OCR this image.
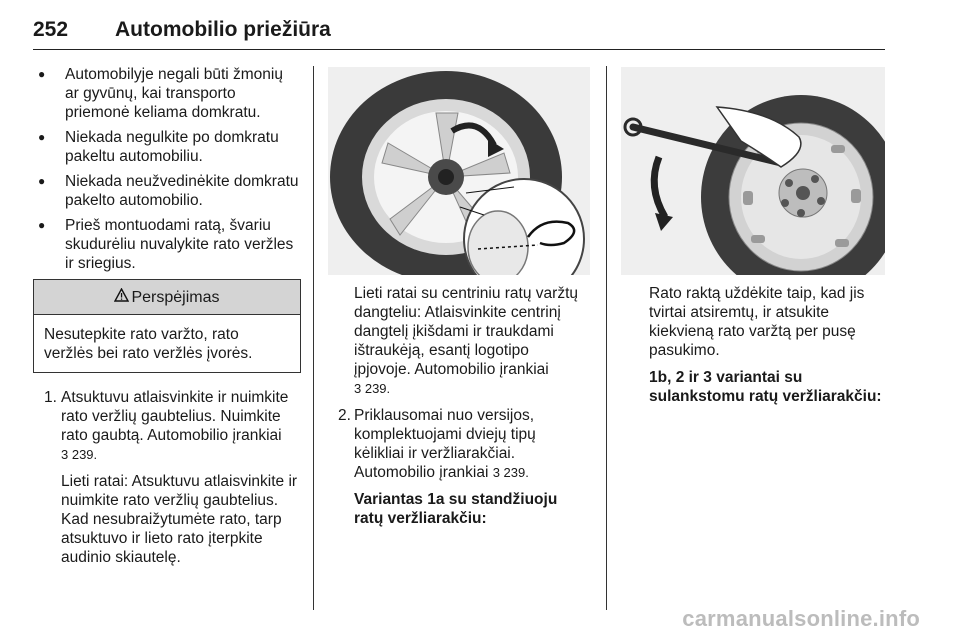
252 Automobilio priežiūra
● Automobilyje negali būti žmonių ar gyvūnų, kai transporto priemonė keliama domkratu.
● Niekada negulkite po domkratu pakeltu automobiliu.
● Niekada neužvedinėkite domkratu pakelto automobilio.
● Prieš montuodami ratą, švariu skudurėliu nuvalykite rato veržles ir sriegius.
Perspėjimas
Nesutepkite rato varžto, rato veržlės bei rato veržlės įvorės.
1. Atsuktuvu atlaisvinkite ir nuimkite rato veržlių gaubtelius. Nuimkite rato gaubtą. Automobilio įrankiai
3 239.
Lieti ratai: Atsuktuvu atlaisvinkite ir nuimkite rato veržlių gaubtelius. Kad nesubraižytumėte rato, tarp atsuktuvo ir lieto rato įterpkite audinio skiautelę.
Lieti ratai su centriniu ratų varžtų dangteliu: Atlaisvinkite centrinį dangtelį įkišdami ir traukdami ištraukėją, esantį logotipo įpjovoje. Automobilio įrankiai
3 239.
2. Priklausomai nuo versijos, komplektuojami dviejų tipų kėlikliai ir veržliarakčiai. Automobilio įrankiai 3 239.
Variantas 1a su standžiuoju ratų veržliarakčiu:
Rato raktą uždėkite taip, kad jis tvirtai atsiremtų, ir atsukite kiekvieną rato varžtą per pusę pasukimo.
1b, 2 ir 3 variantai su sulankstomu ratų veržliarakčiu:
carmanualsonline.info
